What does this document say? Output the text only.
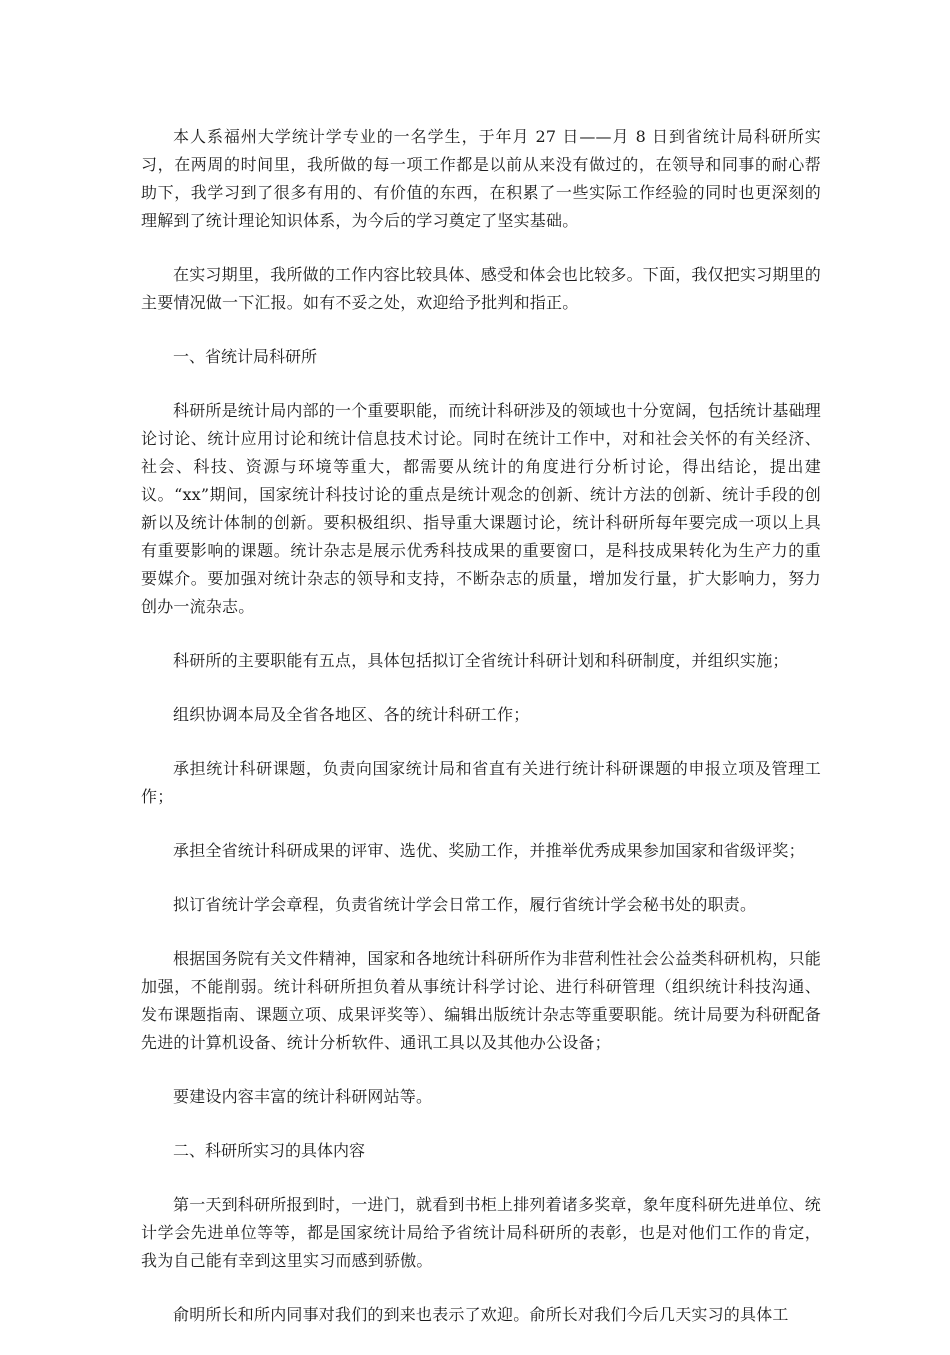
本人系福州大学统计学专业的一名学生，于年月 27 日——月 8 日到省统计局科研所实习，在两周的时间里，我所做的每一项工作都是以前从来没有做过的，在领导和同事的耐心帮助下，我学习到了很多有用的、有价值的东西，在积累了一些实际工作经验的同时也更深刻的理解到了统计理论知识体系，为今后的学习奠定了坚实基础。

在实习期里，我所做的工作内容比较具体、感受和体会也比较多。下面，我仅把实习期里的主要情况做一下汇报。如有不妥之处，欢迎给予批判和指正。

一、省统计局科研所

科研所是统计局内部的一个重要职能，而统计科研涉及的领域也十分宽阔，包括统计基础理论讨论、统计应用讨论和统计信息技术讨论。同时在统计工作中，对和社会关怀的有关经济、社会、科技、资源与环境等重大，都需要从统计的角度进行分析讨论，得出结论，提出建议。“xx”期间，国家统计科技讨论的重点是统计观念的创新、统计方法的创新、统计手段的创新以及统计体制的创新。要积极组织、指导重大课题讨论，统计科研所每年要完成一项以上具有重要影响的课题。统计杂志是展示优秀科技成果的重要窗口，是科技成果转化为生产力的重要媒介。要加强对统计杂志的领导和支持，不断杂志的质量，增加发行量，扩大影响力，努力创办一流杂志。

科研所的主要职能有五点，具体包括拟订全省统计科研计划和科研制度，并组织实施；

组织协调本局及全省各地区、各的统计科研工作；

承担统计科研课题，负责向国家统计局和省直有关进行统计科研课题的申报立项及管理工作；

承担全省统计科研成果的评审、选优、奖励工作，并推举优秀成果参加国家和省级评奖；

拟订省统计学会章程，负责省统计学会日常工作，履行省统计学会秘书处的职责。

根据国务院有关文件精神，国家和各地统计科研所作为非营利性社会公益类科研机构，只能加强，不能削弱。统计科研所担负着从事统计科学讨论、进行科研管理（组织统计科技沟通、发布课题指南、课题立项、成果评奖等）、编辑出版统计杂志等重要职能。统计局要为科研配备先进的计算机设备、统计分析软件、通讯工具以及其他办公设备；

要建设内容丰富的统计科研网站等。

二、科研所实习的具体内容

第一天到科研所报到时，一进门，就看到书柜上排列着诸多奖章，象年度科研先进单位、统计学会先进单位等等，都是国家统计局给予省统计局科研所的表彰，也是对他们工作的肯定，我为自己能有幸到这里实习而感到骄傲。

俞明所长和所内同事对我们的到来也表示了欢迎。俞所长对我们今后几天实习的具体工
